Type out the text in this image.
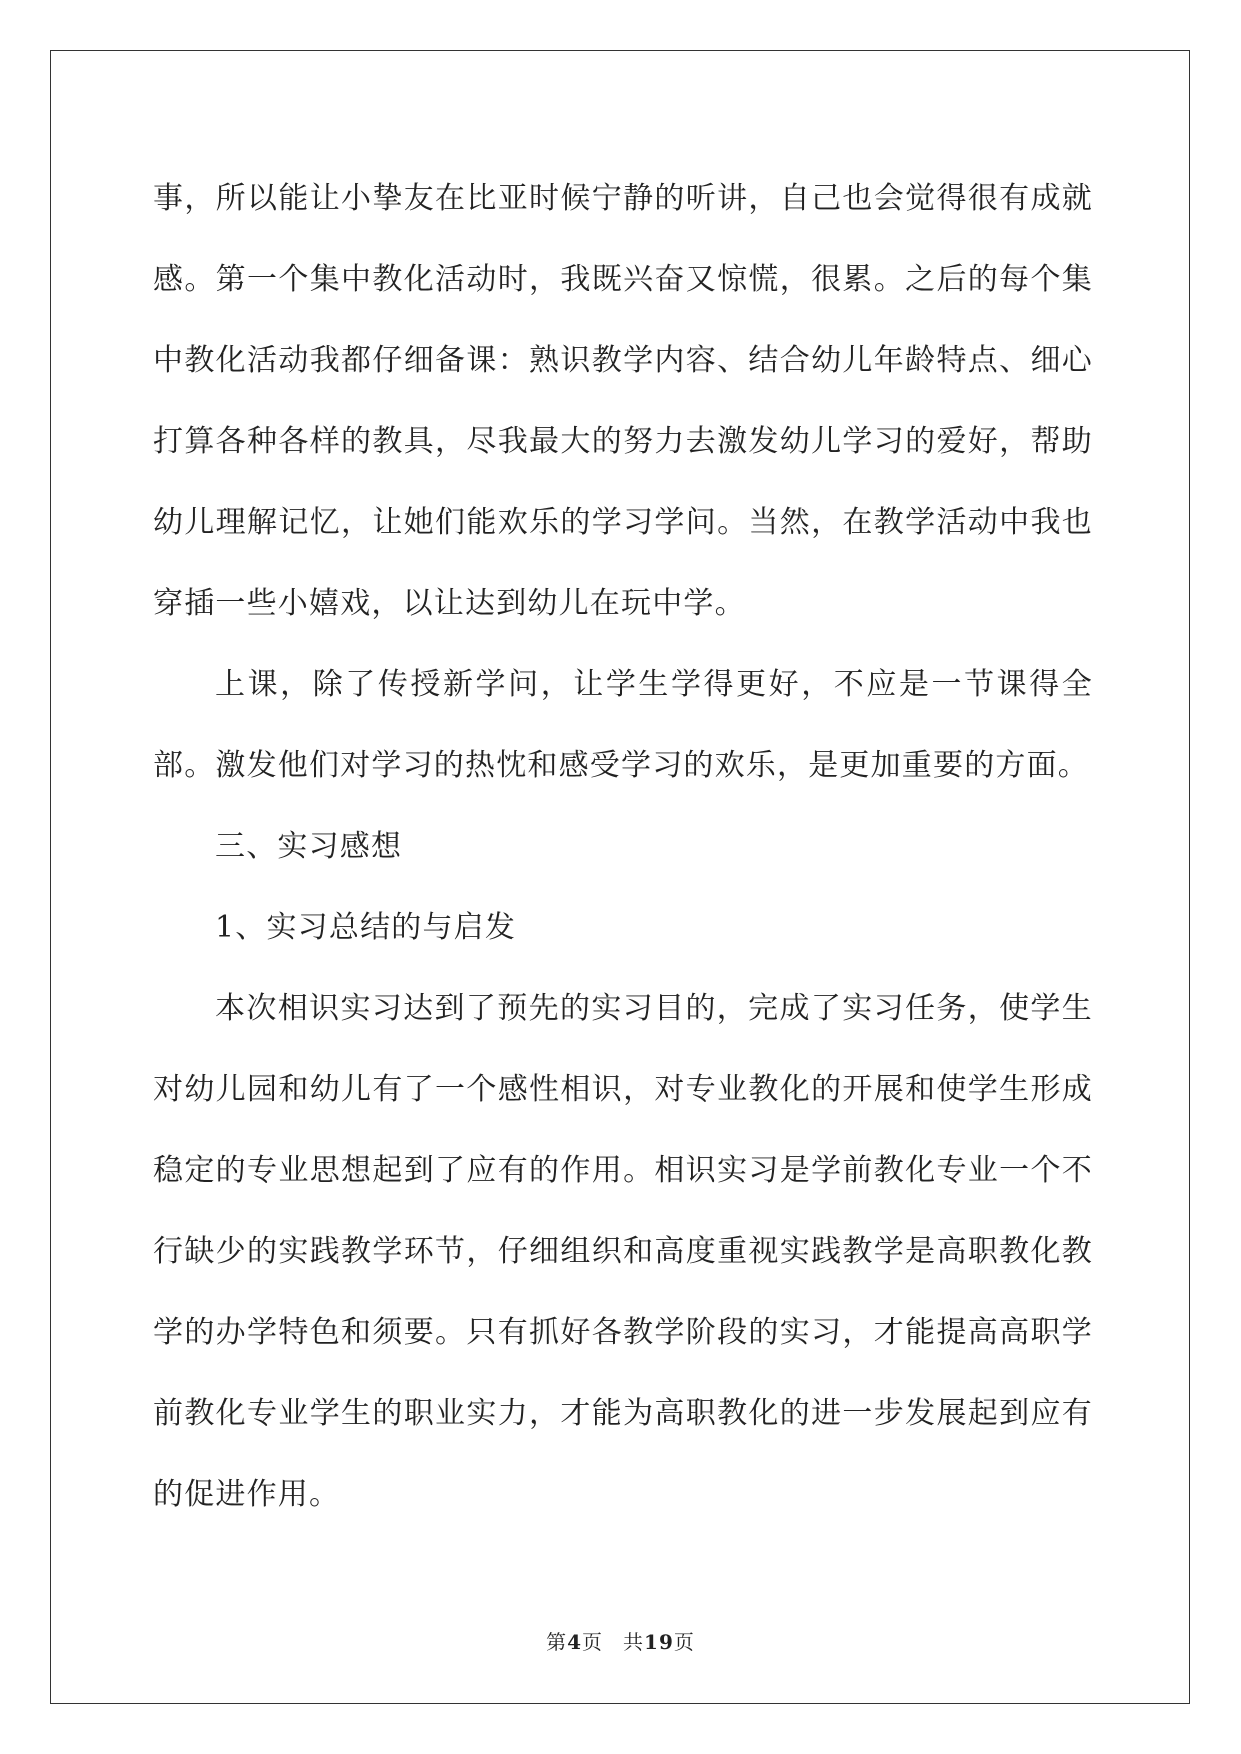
事，所以能让小挚友在比亚时候宁静的听讲，自己也会觉得很有成就感。第一个集中教化活动时，我既兴奋又惊慌，很累。之后的每个集中教化活动我都仔细备课：熟识教学内容、结合幼儿年龄特点、细心打算各种各样的教具，尽我最大的努力去激发幼儿学习的爱好，帮助幼儿理解记忆，让她们能欢乐的学习学问。当然，在教学活动中我也穿插一些小嬉戏，以让达到幼儿在玩中学。

上课，除了传授新学问，让学生学得更好，不应是一节课得全部。激发他们对学习的热忱和感受学习的欢乐，是更加重要的方面。

三、实习感想

1、实习总结的与启发

本次相识实习达到了预先的实习目的，完成了实习任务，使学生对幼儿园和幼儿有了一个感性相识，对专业教化的开展和使学生形成稳定的专业思想起到了应有的作用。相识实习是学前教化专业一个不行缺少的实践教学环节，仔细组织和高度重视实践教学是高职教化教学的办学特色和须要。只有抓好各教学阶段的实习，才能提高高职学前教化专业学生的职业实力，才能为高职教化的进一步发展起到应有的促进作用。

第4页 共19页
